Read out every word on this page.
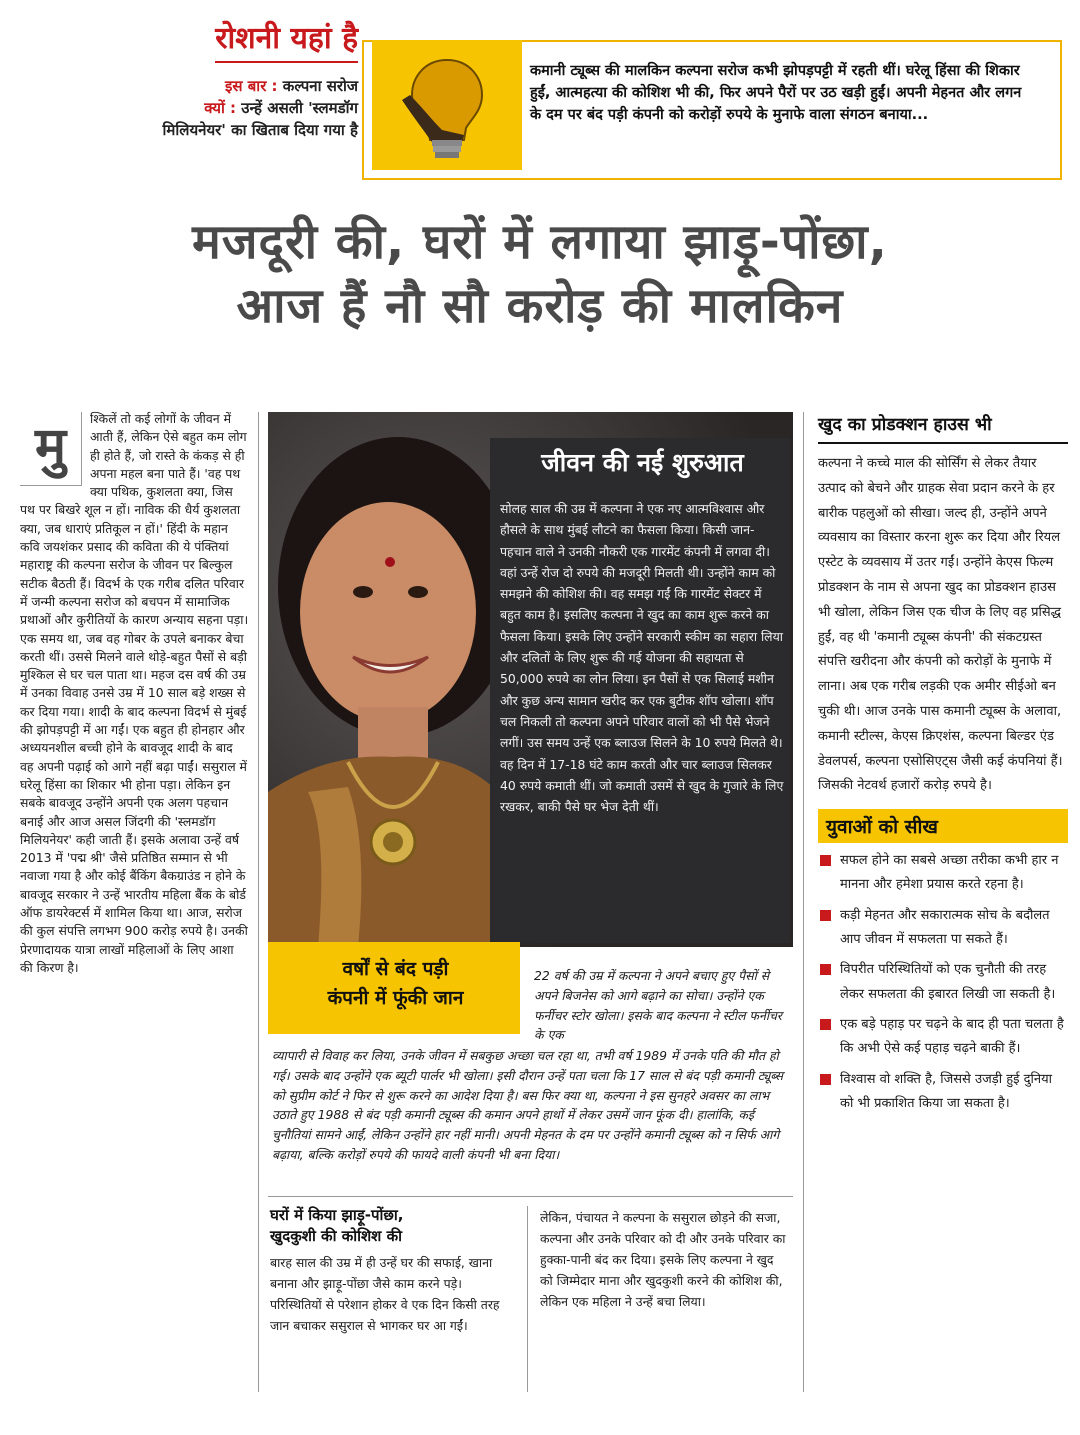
रोशनी यहां है
इस बार : कल्पना सरोज
क्यों : उन्हें असली 'स्लमडॉग
मिलियनेयर' का खिताब दिया गया है
कमानी ट्यूब्स की मालकिन कल्पना सरोज कभी झोपड़पट्टी में रहती थीं। घरेलू हिंसा की शिकार हुईं, आत्महत्या की कोशिश भी की, फिर अपने पैरों पर उठ खड़ी हुईं। अपनी मेहनत और लगन के दम पर बंद पड़ी कंपनी को करोड़ों रुपये के मुनाफे वाला संगठन बनाया...
मजदूरी की, घरों में लगाया झाड़ू-पोंछा,
आज हैं नौ सौ करोड़ की मालकिन
मु	श्किलें तो कई लोगों के जीवन में आती हैं, लेकिन ऐसे बहुत कम लोग ही होते हैं, जो रास्ते के कंकड़ से ही अपना महल बना पाते हैं। 'वह पथ क्या पथिक, कुशलता क्या, जिस पथ पर बिखरे शूल न हों। नाविक की धैर्य कुशलता क्या, जब धाराएं प्रतिकूल न हों।' हिंदी के महान कवि जयशंकर प्रसाद की कविता की ये पंक्तियां महाराष्ट्र की कल्पना सरोज के जीवन पर बिल्कुल सटीक बैठती हैं। विदर्भ के एक गरीब दलित परिवार में जन्मी कल्पना सरोज को बचपन में सामाजिक प्रथाओं और कुरीतियों के कारण अन्याय सहना पड़ा। एक समय था, जब वह गोबर के उपले बनाकर बेचा करती थीं। उससे मिलने वाले थोड़े-बहुत पैसों से बड़ी मुश्किल से घर चल पाता था। महज दस वर्ष की उम्र में उनका विवाह उनसे उम्र में 10 साल बड़े शख्स से कर दिया गया। शादी के बाद कल्पना विदर्भ से मुंबई की झोपड़पट्टी में आ गईं। एक बहुत ही होनहार और अध्ययनशील बच्ची होने के बावजूद शादी के बाद वह अपनी पढ़ाई को आगे नहीं बढ़ा पाईं। ससुराल में घरेलू हिंसा का शिकार भी होना पड़ा। लेकिन इन सबके बावजूद उन्होंने अपनी एक अलग पहचान बनाई और आज असल जिंदगी की 'स्लमडॉग मिलियनेयर' कही जाती हैं। इसके अलावा उन्हें वर्ष 2013 में 'पद्म श्री' जैसे प्रतिष्ठित सम्मान से भी नवाजा गया है और कोई बैंकिंग बैकग्राउंड न होने के बावजूद सरकार ने उन्हें भारतीय महिला बैंक के बोर्ड ऑफ डायरेक्टर्स में शामिल किया था। आज, सरोज की कुल संपत्ति लगभग 900 करोड़ रुपये है। उनकी प्रेरणादायक यात्रा लाखों महिलाओं के लिए आशा की किरण है।

जीवन की नई शुरुआत
सोलह साल की उम्र में कल्पना ने एक नए आत्मविश्वास और हौसले के साथ मुंबई लौटने का फैसला किया। किसी जान-पहचान वाले ने उनकी नौकरी एक गारमेंट कंपनी में लगवा दी। वहां उन्हें रोज दो रुपये की मजदूरी मिलती थी। उन्होंने काम को समझने की कोशिश की। वह समझ गईं कि गारमेंट सेक्टर में बहुत काम है। इसलिए कल्पना ने खुद का काम शुरू करने का फैसला किया। इसके लिए उन्होंने सरकारी स्कीम का सहारा लिया और दलितों के लिए शुरू की गई योजना की सहायता से 50,000 रुपये का लोन लिया। इन पैसों से एक सिलाई मशीन और कुछ अन्य सामान खरीद कर एक बुटीक शॉप खोला। शॉप चल निकली तो कल्पना अपने परिवार वालों को भी पैसे भेजने लगीं। उस समय उन्हें एक ब्लाउज सिलने के 10 रुपये मिलते थे। वह दिन में 17-18 घंटे काम करती और चार ब्लाउज सिलकर 40 रुपये कमाती थीं। जो कमाती उसमें से खुद के गुजारे के लिए रखकर, बाकी पैसे घर भेज देती थीं।
खुद का प्रोडक्शन हाउस भी

कल्पना ने कच्चे माल की सोर्सिंग से लेकर तैयार उत्पाद को बेचने और ग्राहक सेवा प्रदान करने के हर बारीक पहलुओं को सीखा। जल्द ही, उन्होंने अपने व्यवसाय का विस्तार करना शुरू कर दिया और रियल एस्टेट के व्यवसाय में उतर गईं। उन्होंने केएस फिल्म प्रोडक्शन के नाम से अपना खुद का प्रोडक्शन हाउस भी खोला, लेकिन जिस एक चीज के लिए वह प्रसिद्ध हुईं, वह थी 'कमानी ट्यूब्स कंपनी' की संकटग्रस्त संपत्ति खरीदना और कंपनी को करोड़ों के मुनाफे में लाना। अब एक गरीब लड़की एक अमीर सीईओ बन चुकी थी। आज उनके पास कमानी ट्यूब्स के अलावा, कमानी स्टील्स, केएस क्रिएशंस, कल्पना बिल्डर एंड डेवलपर्स, कल्पना एसोसिएट्स जैसी कई कंपनियां हैं। जिसकी नेटवर्थ हजारों करोड़ रुपये है।

युवाओं को सीख
सफल होने का सबसे अच्छा तरीका कभी हार न मानना और हमेशा प्रयास करते रहना है।
कड़ी मेहनत और सकारात्मक सोच के बदौलत आप जीवन में सफलता पा सकते हैं।
विपरीत परिस्थितियों को एक चुनौती की तरह लेकर सफलता की इबारत लिखी जा सकती है।
एक बड़े पहाड़ पर चढ़ने के बाद ही पता चलता है कि अभी ऐसे कई पहाड़ चढ़ने बाकी हैं।
विश्वास वो शक्ति है, जिससे उजड़ी हुई दुनिया को भी प्रकाशित किया जा सकता है।
वर्षों से बंद पड़ी
कंपनी में फूंकी जान

22 वर्ष की उम्र में कल्पना ने अपने बचाए हुए पैसों से अपने बिजनेस को आगे बढ़ाने का सोचा। उन्होंने एक फर्नीचर स्टोर खोला। इसके बाद कल्पना ने स्टील फर्नीचर के एक

व्यापारी से विवाह कर लिया, उनके जीवन में सबकुछ अच्छा चल रहा था, तभी वर्ष 1989 में उनके पति की मौत हो गई। उसके बाद उन्होंने एक ब्यूटी पार्लर भी खोला। इसी दौरान उन्हें पता चला कि 17 साल से बंद पड़ी कमानी ट्यूब्स को सुप्रीम कोर्ट ने फिर से शुरू करने का आदेश दिया है। बस फिर क्या था, कल्पना ने इस सुनहरे अवसर का लाभ उठाते हुए 1988 से बंद पड़ी कमानी ट्यूब्स की कमान अपने हाथों में लेकर उसमें जान फूंक दी। हालांकि, कई चुनौतियां सामने आईं, लेकिन उन्होंने हार नहीं मानी। अपनी मेहनत के दम पर उन्होंने कमानी ट्यूब्स को न सिर्फ आगे बढ़ाया, बल्कि करोड़ों रुपये की फायदे वाली कंपनी भी बना दिया।

घरों में किया झाड़ू-पोंछा,
खुदकुशी की कोशिश की

बारह साल की उम्र में ही उन्हें घर की सफाई, खाना बनाना और झाड़ू-पोंछा जैसे काम करने पड़े। परिस्थितियों से परेशान होकर वे एक दिन किसी तरह जान बचाकर ससुराल से भागकर घर आ गईं।

लेकिन, पंचायत ने कल्पना के ससुराल छोड़ने की सजा, कल्पना और उनके परिवार को दी और उनके परिवार का हुक्का-पानी बंद कर दिया। इसके लिए कल्पना ने खुद को जिम्मेदार माना और खुदकुशी करने की कोशिश की, लेकिन एक महिला ने उन्हें बचा लिया।
